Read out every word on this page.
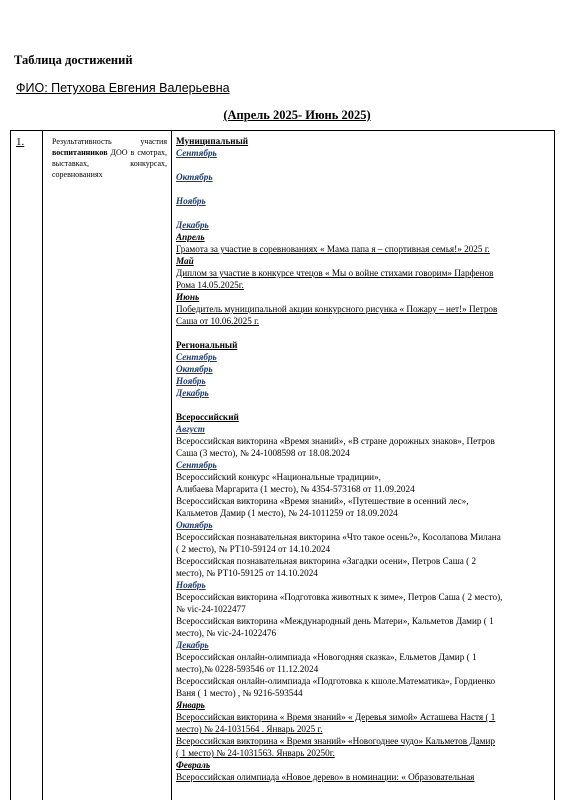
Таблица достижений
ФИО: Петухова Евгения Валерьевна
(Апрель 2025- Июнь 2025)
1.	Результативность участия воспитанников ДОО в смотрах, выставках, конкурсах, соревнованиях
Муниципальный
Сентябрь
Октябрь
Ноябрь
Декабрь
Апрель
Грамота за участие в соревнованиях « Мама папа я – спортивная семья!» 2025 г.
Май
Диплом за участие в конкурсе чтецов « Мы о войне стихами говорим» Парфенов
Рома 14.05.2025г.
Июнь
Победитель муниципальной акции конкурсного рисунка « Пожару – нет!» Петров
Саша от 10.06.2025 г.
Региональный
Сентябрь
Октябрь
Ноябрь
Декабрь
Всероссийский
Август
Всероссийская викторина «Время знаний», «В стране дорожных знаков», Петров
Саша (3 место), № 24-1008598 от 18.08.2024
Сентябрь
Всероссийский конкурс «Национальные традиции»,
Алибаева Маргарита (1 место), № 4354-573168 от 11.09.2024
Всероссийская викторина «Время знаний», «Путешествие в осенний лес»,
Кальметов Дамир (1 место), № 24-1011259 от 18.09.2024
Октябрь
Всероссийская познавательная викторина «Что такое осень?», Косолапова Милана
( 2 место), № РТ10-59124 от 14.10.2024
Всероссийская познавательная викторина «Загадки осени», Петров Саша ( 2
место), № РТ10-59125 от 14.10.2024
Ноябрь
Всероссийская викторина «Подготовка животных к зиме», Петров Саша ( 2 место),
№ vic-24-1022477
Всероссийская викторина «Международный день Матери», Кальметов Дамир ( 1
место), № vic-24-1022476
Декабрь
Всероссийская онлайн-олимпиада «Новогодняя сказка», Ельметов Дамир ( 1
место),№ 0228-593546 от 11.12.2024
Всероссийская онлайн-олимпиада «Подготовка к кшоле.Математика», Гордиенко
Ваня ( 1 место) , № 9216-593544
Январь
Всероссийская викторина « Время знаний» « Деревья зимой» Асташева Настя ( 1
место) № 24-1031564 . Январь 2025 г.
Всероссийская викторина « Время знаний» «Новогоднее чудо» Кальметов Дамир
( 1 место) № 24-1031563. Январь 20250г.
Февраль
Всероссийская олимпиада «Новое дерево» в номинации: « Образовательная
